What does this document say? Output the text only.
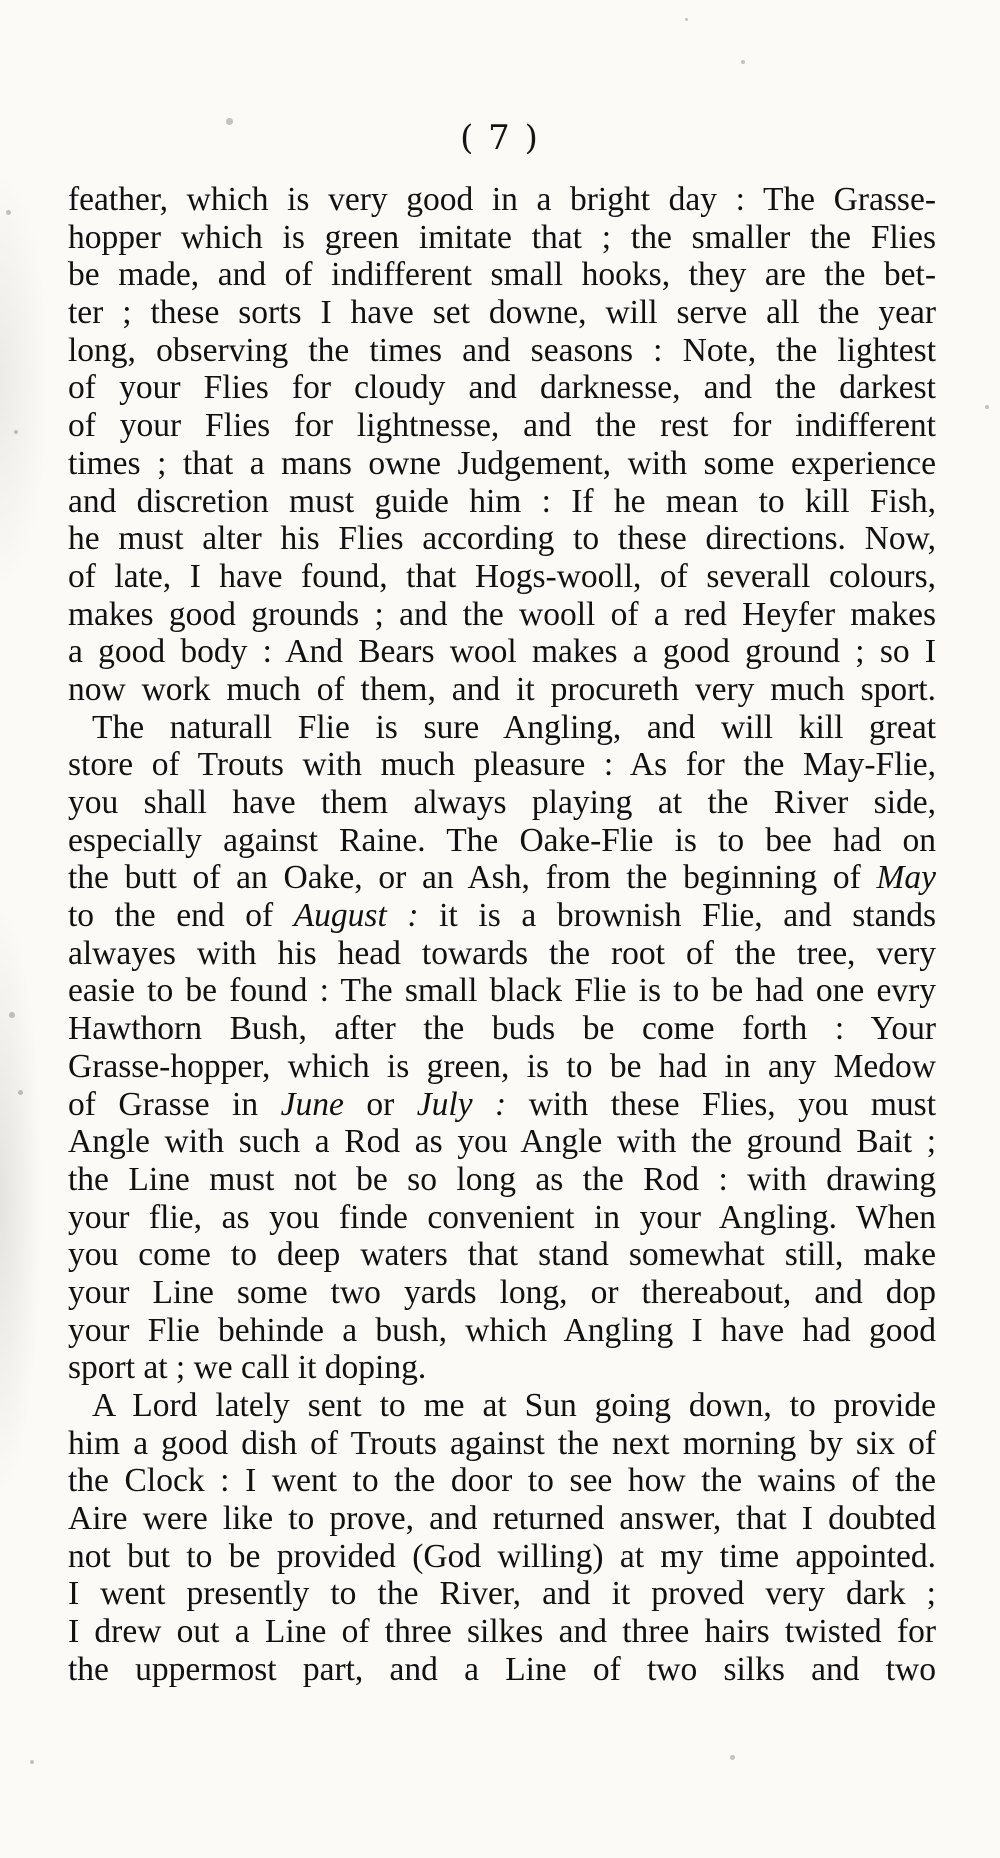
( 7 )
feather, which is very good in a bright day : The Grasse-
hopper which is green imitate that ; the smaller the Flies
be made, and of indifferent small hooks, they are the bet-
ter ; these sorts I have set downe, will serve all the year
long, observing the times and seasons : Note, the lightest
of your Flies for cloudy and darknesse, and the darkest
of your Flies for lightnesse, and the rest for indifferent
times ; that a mans owne Judgement, with some experience
and discretion must guide him : If he mean to kill Fish,
he must alter his Flies according to these directions. Now,
of late, I have found, that Hogs-wooll, of severall colours,
makes good grounds ; and the wooll of a red Heyfer makes
a good body : And Bears wool makes a good ground ; so I
now work much of them, and it procureth very much sport.
The naturall Flie is sure Angling, and will kill great
store of Trouts with much pleasure : As for the May-Flie,
you shall have them always playing at the River side,
especially against Raine. The Oake-Flie is to bee had on
the butt of an Oake, or an Ash, from the beginning of May
to the end of August : it is a brownish Flie, and stands
alwayes with his head towards the root of the tree, very
easie to be found : The small black Flie is to be had one evry
Hawthorn Bush, after the buds be come forth : Your
Grasse-hopper, which is green, is to be had in any Medow
of Grasse in June or July : with these Flies, you must
Angle with such a Rod as you Angle with the ground Bait ;
the Line must not be so long as the Rod : with drawing
your flie, as you finde convenient in your Angling. When
you come to deep waters that stand somewhat still, make
your Line some two yards long, or thereabout, and dop
your Flie behinde a bush, which Angling I have had good
sport at ; we call it doping.
A Lord lately sent to me at Sun going down, to provide
him a good dish of Trouts against the next morning by six of
the Clock : I went to the door to see how the wains of the
Aire were like to prove, and returned answer, that I doubted
not but to be provided (God willing) at my time appointed.
I went presently to the River, and it proved very dark ;
I drew out a Line of three silkes and three hairs twisted for
the uppermost part, and a Line of two silks and two
